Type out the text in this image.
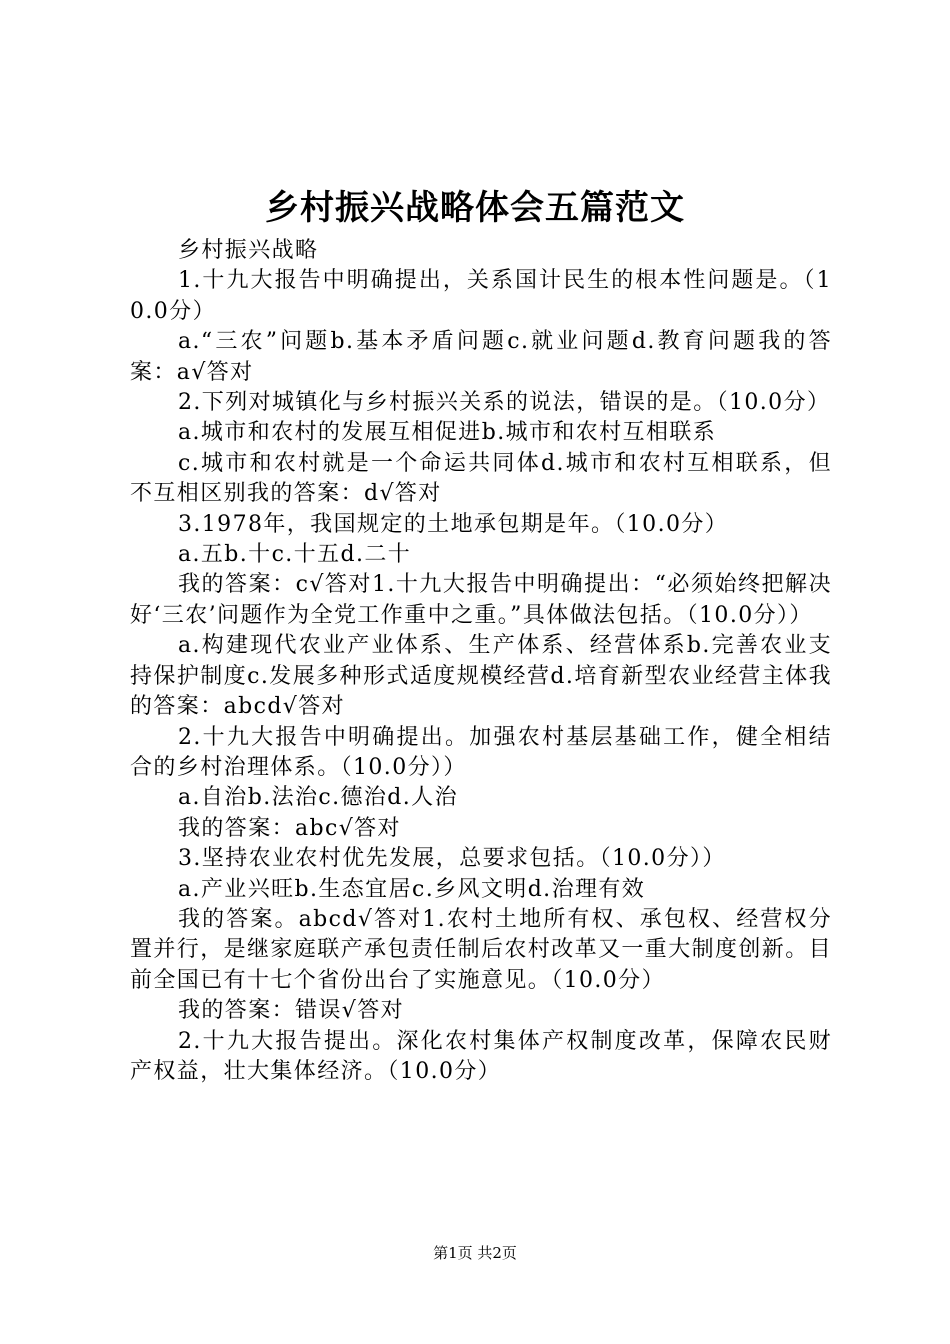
乡村振兴战略体会五篇范文

乡村振兴战略

1.十九大报告中明确提出，关系国计民生的根本性问题是。（10.0分）

a.“三农”问题b.基本矛盾问题c.就业问题d.教育问题我的答案：a√答对

2.下列对城镇化与乡村振兴关系的说法，错误的是。（10.0分）

a.城市和农村的发展互相促进b.城市和农村互相联系

c.城市和农村就是一个命运共同体d.城市和农村互相联系，但不互相区别我的答案：d√答对

3.1978年，我国规定的土地承包期是年。（10.0分）

a.五b.十c.十五d.二十

我的答案：c√答对1.十九大报告中明确提出：“必须始终把解决好‘三农’问题作为全党工作重中之重。”具体做法包括。（10.0分））

a.构建现代农业产业体系、生产体系、经营体系b.完善农业支持保护制度c.发展多种形式适度规模经营d.培育新型农业经营主体我的答案：abcd√答对

2.十九大报告中明确提出。加强农村基层基础工作，健全相结合的乡村治理体系。（10.0分））

a.自治b.法治c.德治d.人治

我的答案：abc√答对

3.坚持农业农村优先发展，总要求包括。（10.0分））

a.产业兴旺b.生态宜居c.乡风文明d.治理有效

我的答案。abcd√答对1.农村土地所有权、承包权、经营权分置并行，是继家庭联产承包责任制后农村改革又一重大制度创新。目前全国已有十七个省份出台了实施意见。（10.0分）

我的答案：错误√答对

2.十九大报告提出。深化农村集体产权制度改革，保障农民财产权益，壮大集体经济。（10.0分）

第1页 共2页
